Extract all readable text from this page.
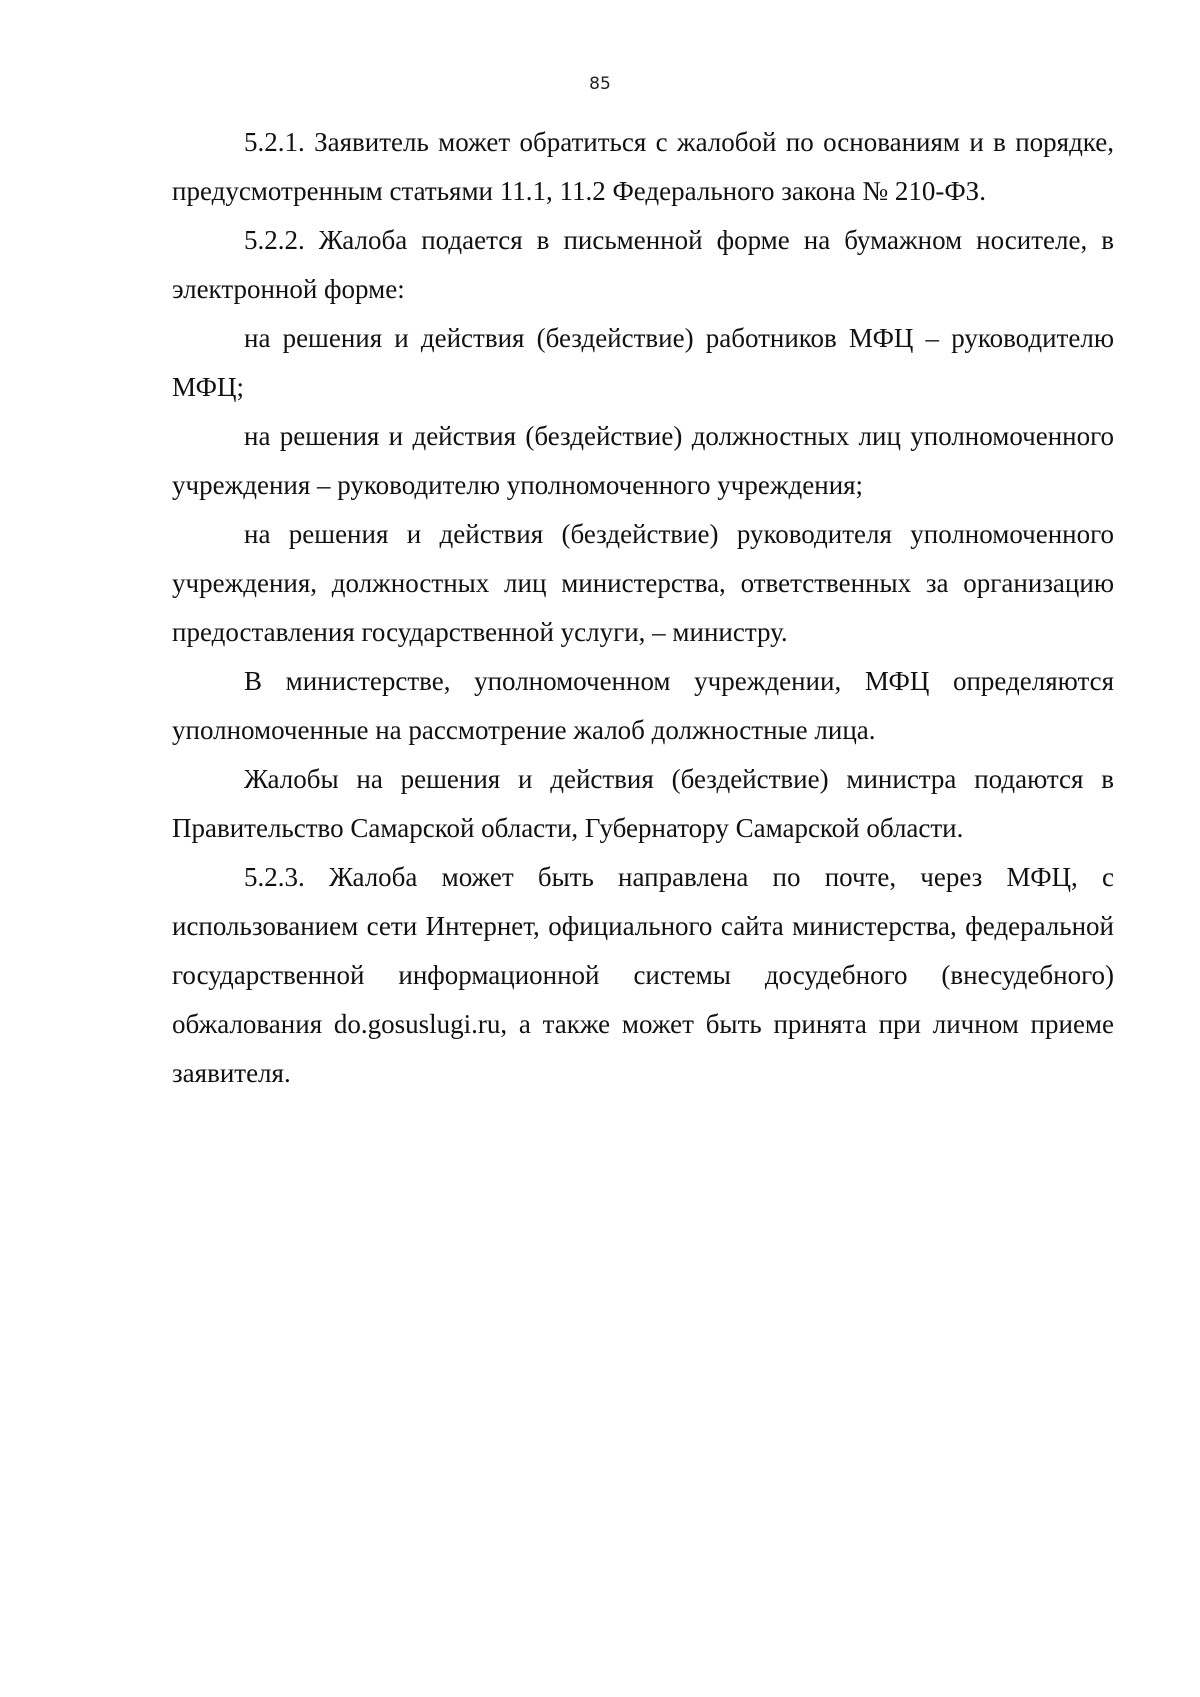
85

5.2.1. Заявитель может обратиться с жалобой по основаниям и в порядке, предусмотренным статьями 11.1, 11.2 Федерального закона № 210-ФЗ.

5.2.2. Жалоба подается в письменной форме на бумажном носителе, в электронной форме:

на решения и действия (бездействие) работников МФЦ – руководителю МФЦ;

на решения и действия (бездействие) должностных лиц уполномоченного учреждения – руководителю уполномоченного учреждения;

на решения и действия (бездействие) руководителя уполномоченного учреждения, должностных лиц министерства, ответственных за организацию предоставления государственной услуги, – министру.

В министерстве, уполномоченном учреждении, МФЦ определяются уполномоченные на рассмотрение жалоб должностные лица.

Жалобы на решения и действия (бездействие) министра подаются в Правительство Самарской области, Губернатору Самарской области.

5.2.3. Жалоба может быть направлена по почте, через МФЦ, с использованием сети Интернет, официального сайта министерства, федеральной государственной информационной системы досудебного (внесудебного) обжалования do.gosuslugi.ru, а также может быть принята при личном приеме заявителя.
